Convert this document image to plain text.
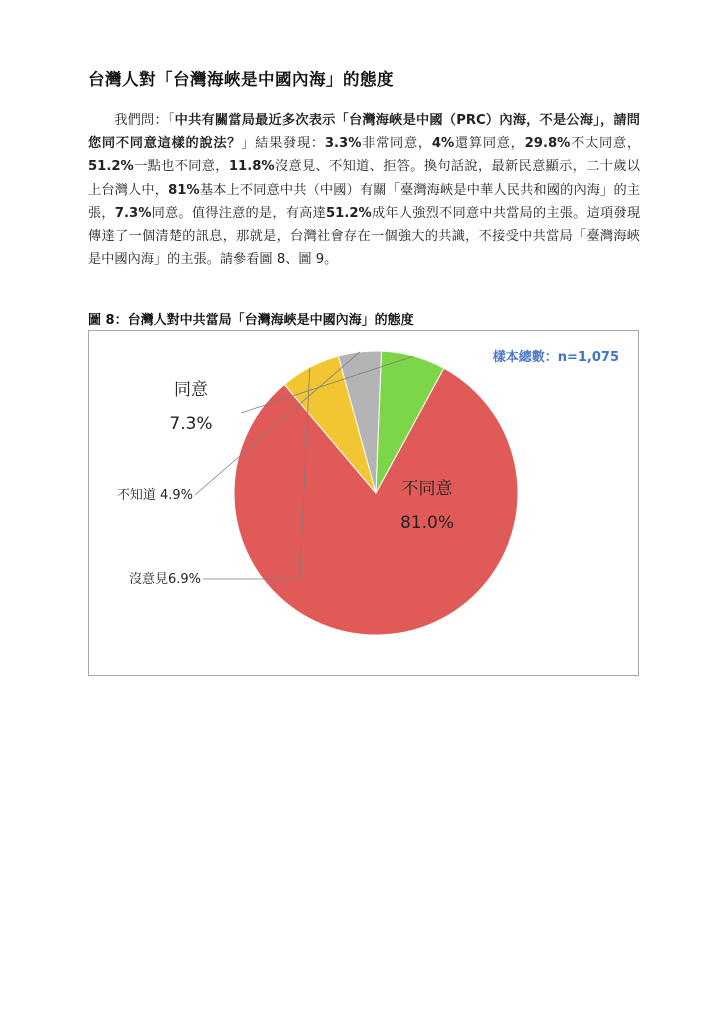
台灣人對「台灣海峽是中國內海」的態度
我們問：「中共有關當局最近多次表示「台灣海峽是中國（PRC）內海，不是公海」，請問您同不同意這樣的說法？」結果發現：3.3%非常同意，4%還算同意，29.8%不太同意，51.2%一點也不同意，11.8%沒意見、不知道、拒答。換句話說，最新民意顯示，二十歲以上台灣人中，81%基本上不同意中共（中國）有關「臺灣海峽是中華人民共和國的內海」的主張，7.3%同意。值得注意的是，有高達51.2%成年人強烈不同意中共當局的主張。這項發現傳達了一個清楚的訊息，那就是，台灣社會存在一個強大的共識，不接受中共當局「臺灣海峽是中國內海」的主張。請參看圖 8、圖 9。
圖 8：台灣人對中共當局「台灣海峽是中國內海」的態度
樣本總數：n=1,075
不同意
81.0%
沒意見6.9%
不知道 4.9%
同意
7.3%
